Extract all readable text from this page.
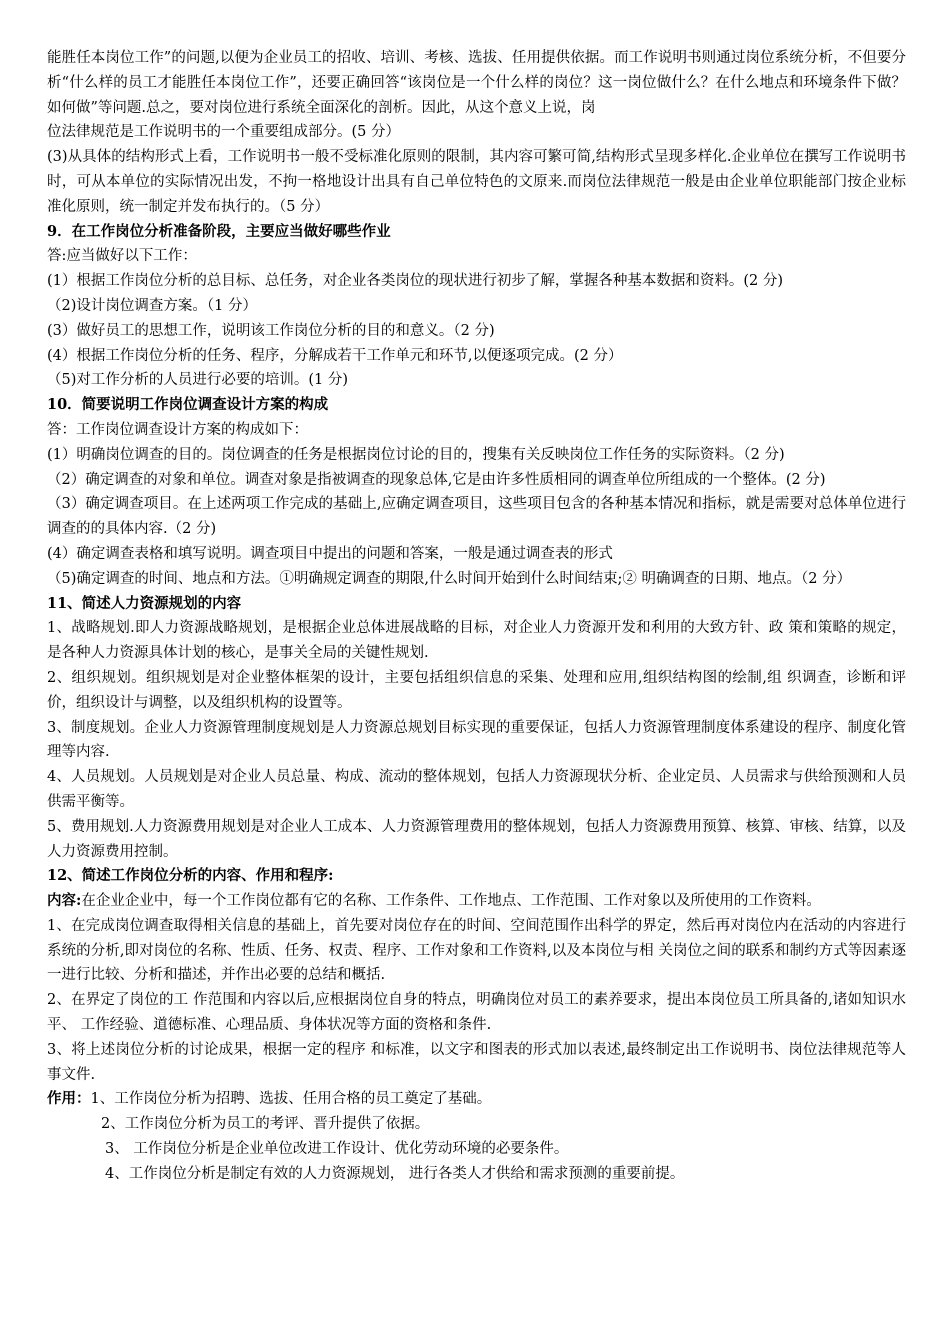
能胜任本岗位工作”的问题,以便为企业员工的招收、培训、考核、选拔、任用提供依据。而工作说明书则通过岗位系统分析，不但要分析“什么样的员工才能胜任本岗位工作”，还要正确回答“该岗位是一个什么样的岗位？这一岗位做什么？在什么地点和环境条件下做？如何做”等问题.总之，要对岗位进行系统全面深化的剖析。因此，从这个意义上说，岗

位法律规范是工作说明书的一个重要组成部分。(5 分）

(3)从具体的结构形式上看，工作说明书一般不受标准化原则的限制，其内容可繁可简,结构形式呈现多样化.企业单位在撰写工作说明书时，可从本单位的实际情况出发，不拘一格地设计出具有自己单位特色的文原来.而岗位法律规范一般是由企业单位职能部门按企业标准化原则，统一制定并发布执行的。（5 分）

9．在工作岗位分析准备阶段，主要应当做好哪些作业

答:应当做好以下工作：

(1）根据工作岗位分析的总目标、总任务，对企业各类岗位的现状进行初步了解，掌握各种基本数据和资料。(2 分)

（2)设计岗位调查方案。（1 分）

(3）做好员工的思想工作，说明该工作岗位分析的目的和意义。（2 分)

(4）根据工作岗位分析的任务、程序，分解成若干工作单元和环节,以便逐项完成。(2 分）

（5)对工作分析的人员进行必要的培训。(1 分)

10．简要说明工作岗位调查设计方案的构成

答：工作岗位调查设计方案的构成如下：

(1）明确岗位调查的目的。岗位调查的任务是根据岗位讨论的目的，搜集有关反映岗位工作任务的实际资料。（2 分)

（2）确定调查的对象和单位。调查对象是指被调查的现象总体,它是由许多性质相同的调查单位所组成的一个整体。(2 分)

（3）确定调查项目。在上述两项工作完成的基础上,应确定调查项目，这些项目包含的各种基本情况和指标，就是需要对总体单位进行调查的的具体内容.（2 分)

(4）确定调查表格和填写说明。调查项目中提出的问题和答案，一般是通过调查表的形式

（5)确定调查的时间、地点和方法。①明确规定调查的期限,什么时间开始到什么时间结束;② 明确调查的日期、地点。（2 分）

11、简述人力资源规划的内容

1、战略规划.即人力资源战略规划，是根据企业总体进展战略的目标，对企业人力资源开发和利用的大致方针、政 策和策略的规定，是各种人力资源具体计划的核心，是事关全局的关键性规划.

2、组织规划。组织规划是对企业整体框架的设计，主要包括组织信息的采集、处理和应用,组织结构图的绘制,组 织调查，诊断和评价，组织设计与调整，以及组织机构的设置等。

3、制度规划。企业人力资源管理制度规划是人力资源总规划目标实现的重要保证，包括人力资源管理制度体系建设的程序、制度化管理等内容.

4、人员规划。人员规划是对企业人员总量、构成、流动的整体规划，包括人力资源现状分析、企业定员、人员需求与供给预测和人员供需平衡等。

5、费用规划.人力资源费用规划是对企业人工成本、人力资源管理费用的整体规划，包括人力资源费用预算、核算、审核、结算，以及人力资源费用控制。

12、简述工作岗位分析的内容、作用和程序:

内容:在企业企业中，每一个工作岗位都有它的名称、工作条件、工作地点、工作范围、工作对象以及所使用的工作资料。

1、在完成岗位调查取得相关信息的基础上，首先要对岗位存在的时间、空间范围作出科学的界定，然后再对岗位内在活动的内容进行系统的分析,即对岗位的名称、性质、任务、权责、程序、工作对象和工作资料,以及本岗位与相 关岗位之间的联系和制约方式等因素逐一进行比较、分析和描述，并作出必要的总结和概括.

2、在界定了岗位的工 作范围和内容以后,应根据岗位自身的特点，明确岗位对员工的素养要求，提出本岗位员工所具备的,诸如知识水平、 工作经验、道德标准、心理品质、身体状况等方面的资格和条件.

3、将上述岗位分析的讨论成果，根据一定的程序 和标准，以文字和图表的形式加以表述,最终制定出工作说明书、岗位法律规范等人事文件.

作用：1、工作岗位分析为招聘、选拔、任用合格的员工奠定了基础。

2、工作岗位分析为员工的考评、晋升提供了依据。

3、 工作岗位分析是企业单位改进工作设计、优化劳动环境的必要条件。

4、工作岗位分析是制定有效的人力资源规划， 进行各类人才供给和需求预测的重要前提。
